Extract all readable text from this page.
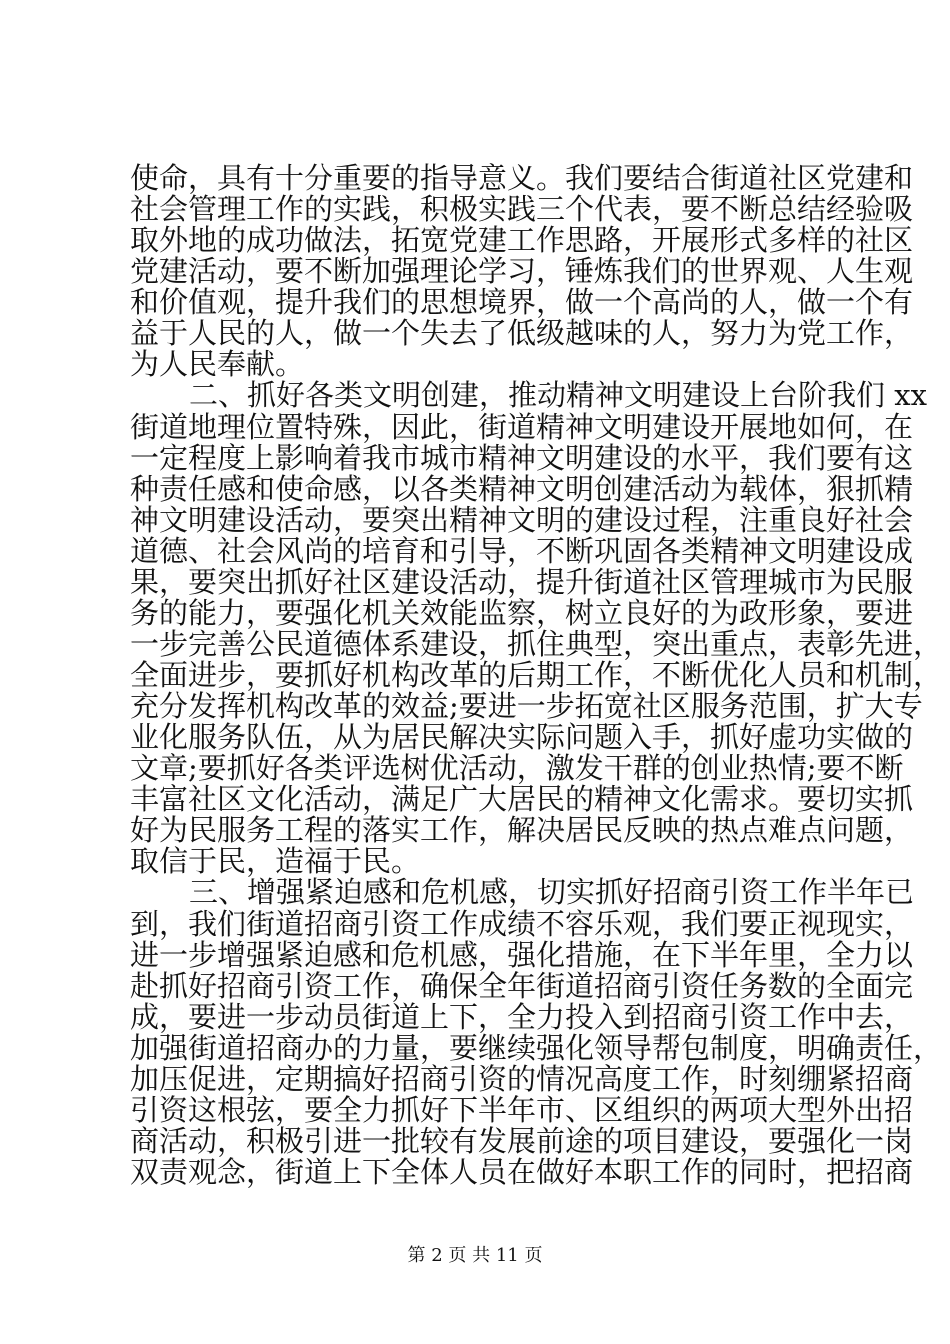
使命，具有十分重要的指导意义。我们要结合街道社区党建和
社会管理工作的实践，积极实践三个代表，要不断总结经验吸
取外地的成功做法，拓宽党建工作思路，开展形式多样的社区
党建活动，要不断加强理论学习，锤炼我们的世界观、人生观
和价值观，提升我们的思想境界，做一个高尚的人，做一个有
益于人民的人，做一个失去了低级越味的人，努力为党工作，
为人民奉献。
二、抓好各类文明创建，推动精神文明建设上台阶我们 xx
街道地理位置特殊，因此，街道精神文明建设开展地如何，在
一定程度上影响着我市城市精神文明建设的水平，我们要有这
种责任感和使命感，以各类精神文明创建活动为载体，狠抓精
神文明建设活动，要突出精神文明的建设过程，注重良好社会
道德、社会风尚的培育和引导，不断巩固各类精神文明建设成
果，要突出抓好社区建设活动，提升街道社区管理城市为民服
务的能力，要强化机关效能监察，树立良好的为政形象，要进
一步完善公民道德体系建设，抓住典型，突出重点，表彰先进，
全面进步，要抓好机构改革的后期工作，不断优化人员和机制，
充分发挥机构改革的效益;要进一步拓宽社区服务范围，扩大专
业化服务队伍，从为居民解决实际问题入手，抓好虚功实做的
文章;要抓好各类评选树优活动，激发干群的创业热情;要不断
丰富社区文化活动，满足广大居民的精神文化需求。要切实抓
好为民服务工程的落实工作，解决居民反映的热点难点问题，
取信于民，造福于民。
三、增强紧迫感和危机感，切实抓好招商引资工作半年已
到，我们街道招商引资工作成绩不容乐观，我们要正视现实，
进一步增强紧迫感和危机感，强化措施，在下半年里，全力以
赴抓好招商引资工作，确保全年街道招商引资任务数的全面完
成，要进一步动员街道上下，全力投入到招商引资工作中去，
加强街道招商办的力量，要继续强化领导帮包制度，明确责任，
加压促进，定期搞好招商引资的情况高度工作，时刻绷紧招商
引资这根弦，要全力抓好下半年市、区组织的两项大型外出招
商活动，积极引进一批较有发展前途的项目建设，要强化一岗
双责观念，街道上下全体人员在做好本职工作的同时，把招商
第 2 页 共 11 页
